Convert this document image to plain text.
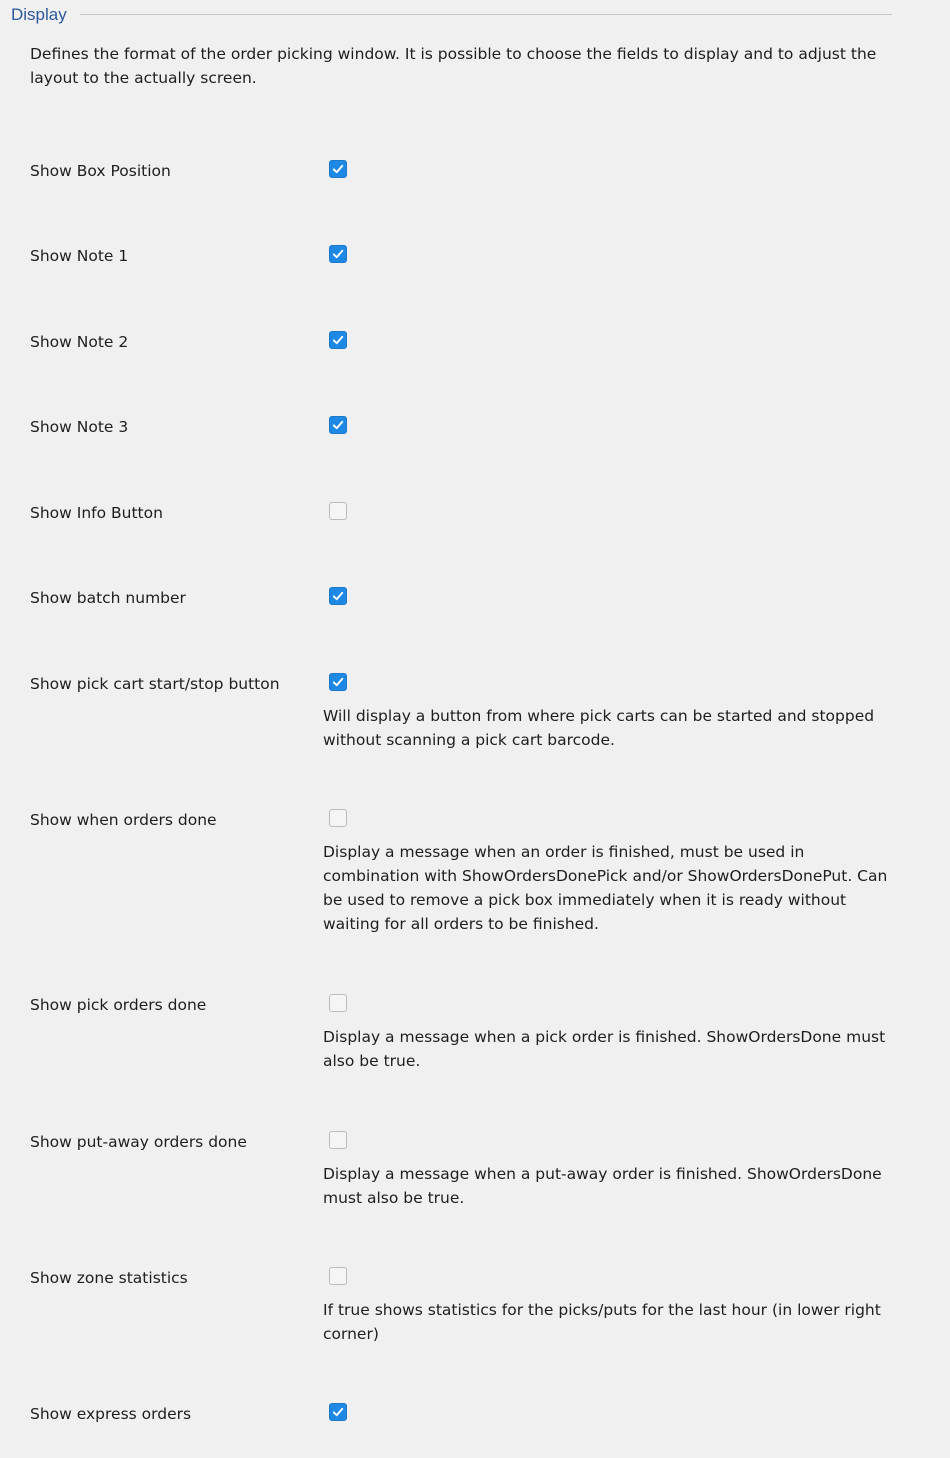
Display

Defines the format of the order picking window. It is possible to choose the fields to display and to adjust the layout to the actually screen.

Show Box Position
Show Note 1
Show Note 2
Show Note 3
Show Info Button
Show batch number
Show pick cart start/stop button

Will display a button from where pick carts can be started and stopped without scanning a pick cart barcode.

Show when orders done

Display a message when an order is finished, must be used in combination with ShowOrdersDonePick and/or ShowOrdersDonePut. Can be used to remove a pick box immediately when it is ready without waiting for all orders to be finished.

Show pick orders done

Display a message when a pick order is finished. ShowOrdersDone must also be true.

Show put-away orders done

Display a message when a put-away order is finished. ShowOrdersDone must also be true.

Show zone statistics

If true shows statistics for the picks/puts for the last hour (in lower right corner)

Show express orders
